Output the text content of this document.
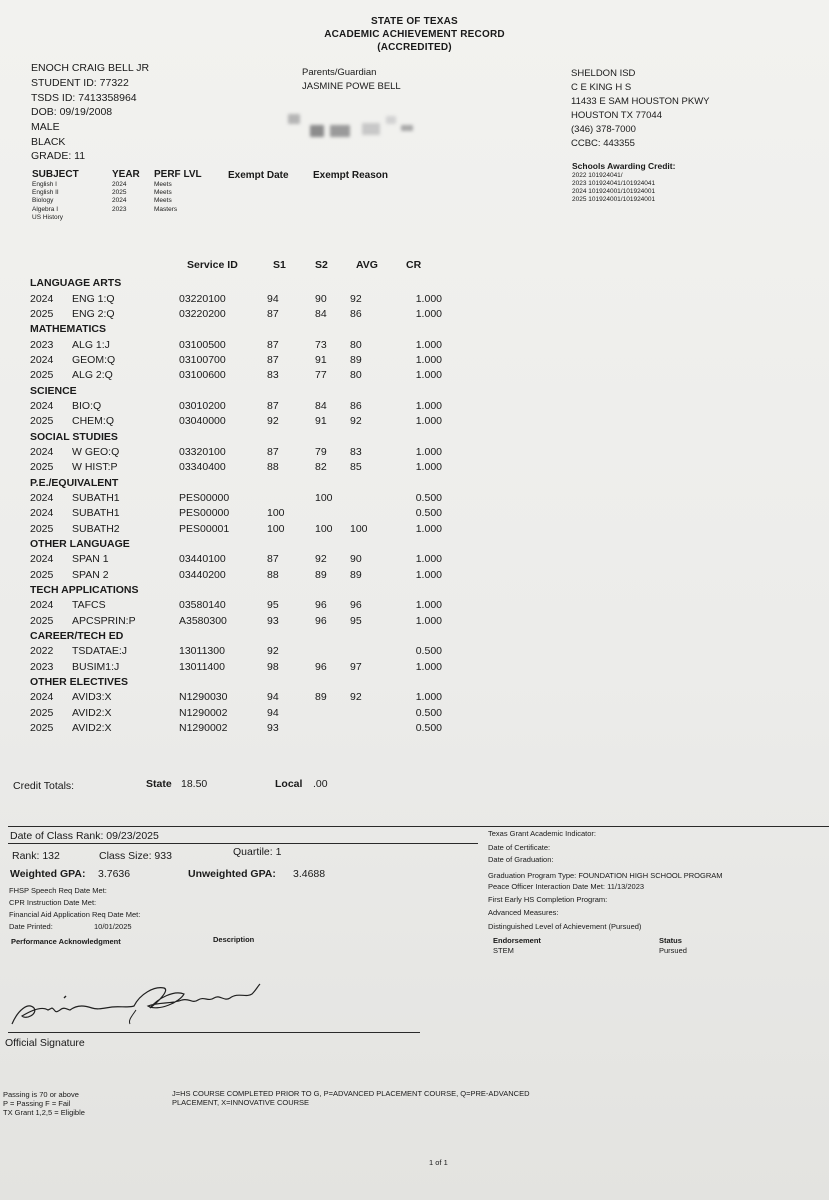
STATE OF TEXAS
ACADEMIC ACHIEVEMENT RECORD
(ACCREDITED)
ENOCH CRAIG BELL JR
STUDENT ID: 77322
TSDS ID: 7413358964
DOB: 09/19/2008
MALE
BLACK
GRADE: 11
Parents/Guardian
JASMINE POWE BELL
SHELDON ISD
C E KING H S
11433 E SAM HOUSTON PKWY
HOUSTON TX 77044
(346) 378-7000
CCBC: 443355
Schools Awarding Credit:
2022 101924041/
2023 101924041/101924041
2024 101924001/101924001
2025 101924001/101924001
SUBJECT	YEAR PERF LVL	Exempt Date Exempt Reason
English I	2024	Meets
English II	2025	Meets
Biology	2024	Meets
Algebra I	2023	Masters
US History		
		Service ID	S1	S2	AVG	CR
LANGUAGE ARTS						
2024	ENG 1:Q	03220100	94	90	92	1.000
2025	ENG 2:Q	03220200	87	84	86	1.000
MATHEMATICS						
2023	ALG 1:J	03100500	87	73	80	1.000
2024	GEOM:Q	03100700	87	91	89	1.000
2025	ALG 2:Q	03100600	83	77	80	1.000
SCIENCE						
2024	BIO:Q	03010200	87	84	86	1.000
2025	CHEM:Q	03040000	92	91	92	1.000
SOCIAL STUDIES						
2024	W GEO:Q	03320100	87	79	83	1.000
2025	W HIST:P	03340400	88	82	85	1.000
P.E./EQUIVALENT						
2024	SUBATH1	PES00000		100		0.500
2024	SUBATH1	PES00000	100			0.500
2025	SUBATH2	PES00001	100	100	100	1.000
OTHER LANGUAGE						
2024	SPAN 1	03440100	87	92	90	1.000
2025	SPAN 2	03440200	88	89	89	1.000
TECH APPLICATIONS						
2024	TAFCS	03580140	95	96	96	1.000
2025	APCSPRIN:P	A3580300	93	96	95	1.000
CAREER/TECH ED						
2022	TSDATAE:J	13011300	92			0.500
2023	BUSIM1:J	13011400	98	96	97	1.000
OTHER ELECTIVES						
2024	AVID3:X	N1290030	94	89	92	1.000
2025	AVID2:X	N1290002	94			0.500
2025	AVID2:X	N1290002	93			0.500
Credit Totals:	State 18.50	Local .00
Date of Class Rank: 09/23/2025
Rank: 132	Class Size: 933	Quartile: 1
Weighted GPA: 3.7636	Unweighted GPA: 3.4688
FHSP Speech Req Date Met:
CPR Instruction Date Met:
Financial Aid Application Req Date Met:
Date Printed:	10/01/2025
Performance Acknowledgment	Description
Texas Grant Academic Indicator:
Date of Certificate:
Date of Graduation:
Graduation Program Type: FOUNDATION HIGH SCHOOL PROGRAM
Peace Officer Interaction Date Met: 11/13/2023
First Early HS Completion Program:
Advanced Measures:
Distinguished Level of Achievement (Pursued)
Endorsement	Status
STEM	Pursued
Official Signature
Passing is 70 or above
P = Passing F = Fail
TX Grant 1,2,5 = Eligible
J=HS COURSE COMPLETED PRIOR TO G, P=ADVANCED PLACEMENT COURSE, Q=PRE-ADVANCED
PLACEMENT, X=INNOVATIVE COURSE
1 of 1
